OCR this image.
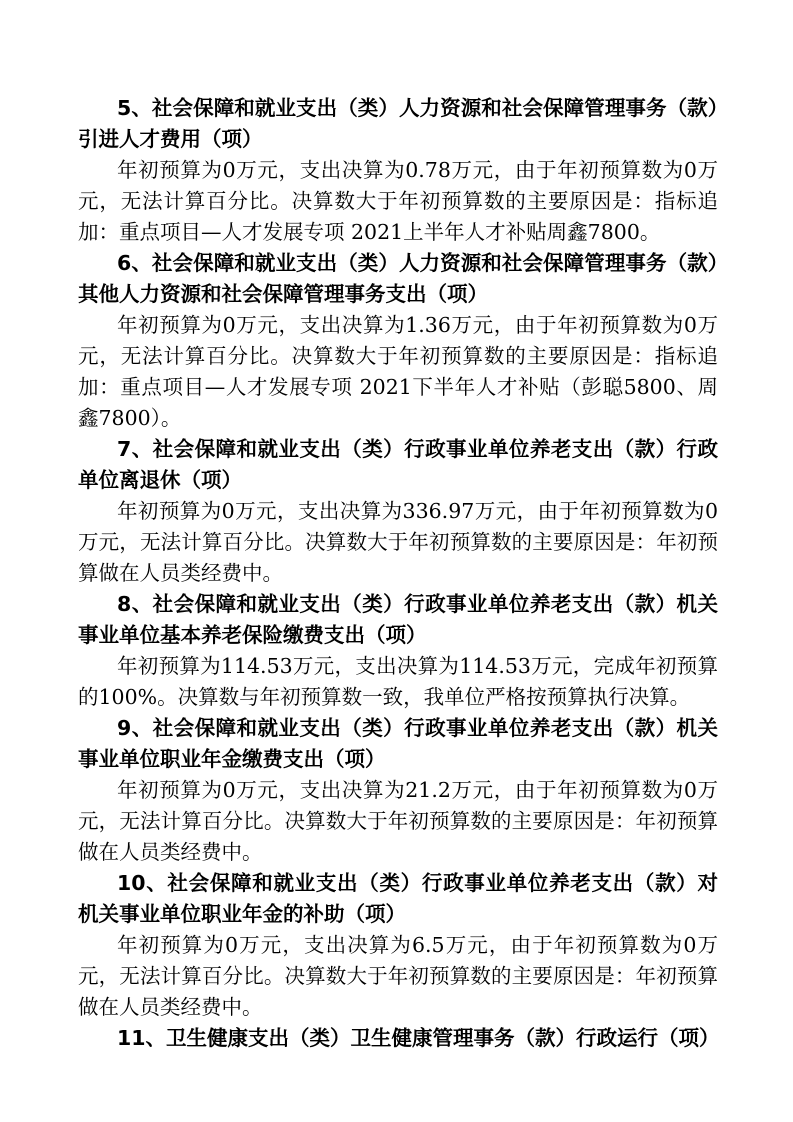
5、社会保障和就业支出（类）人力资源和社会保障管理事务（款）引进人才费用（项）

年初预算为0万元，支出决算为0.78万元，由于年初预算数为0万元，无法计算百分比。决算数大于年初预算数的主要原因是：指标追加：重点项目—人才发展专项 2021上半年人才补贴周鑫7800。

6、社会保障和就业支出（类）人力资源和社会保障管理事务（款）其他人力资源和社会保障管理事务支出（项）

年初预算为0万元，支出决算为1.36万元，由于年初预算数为0万元，无法计算百分比。决算数大于年初预算数的主要原因是：指标追加：重点项目—人才发展专项 2021下半年人才补贴（彭聪5800、周鑫7800）。

7、社会保障和就业支出（类）行政事业单位养老支出（款）行政单位离退休（项）

年初预算为0万元，支出决算为336.97万元，由于年初预算数为0万元，无法计算百分比。决算数大于年初预算数的主要原因是：年初预算做在人员类经费中。

8、社会保障和就业支出（类）行政事业单位养老支出（款）机关事业单位基本养老保险缴费支出（项）

年初预算为114.53万元，支出决算为114.53万元，完成年初预算的100%。决算数与年初预算数一致，我单位严格按预算执行决算。

9、社会保障和就业支出（类）行政事业单位养老支出（款）机关事业单位职业年金缴费支出（项）

年初预算为0万元，支出决算为21.2万元，由于年初预算数为0万元，无法计算百分比。决算数大于年初预算数的主要原因是：年初预算做在人员类经费中。

10、社会保障和就业支出（类）行政事业单位养老支出（款）对机关事业单位职业年金的补助（项）

年初预算为0万元，支出决算为6.5万元，由于年初预算数为0万元，无法计算百分比。决算数大于年初预算数的主要原因是：年初预算做在人员类经费中。

11、卫生健康支出（类）卫生健康管理事务（款）行政运行（项）
